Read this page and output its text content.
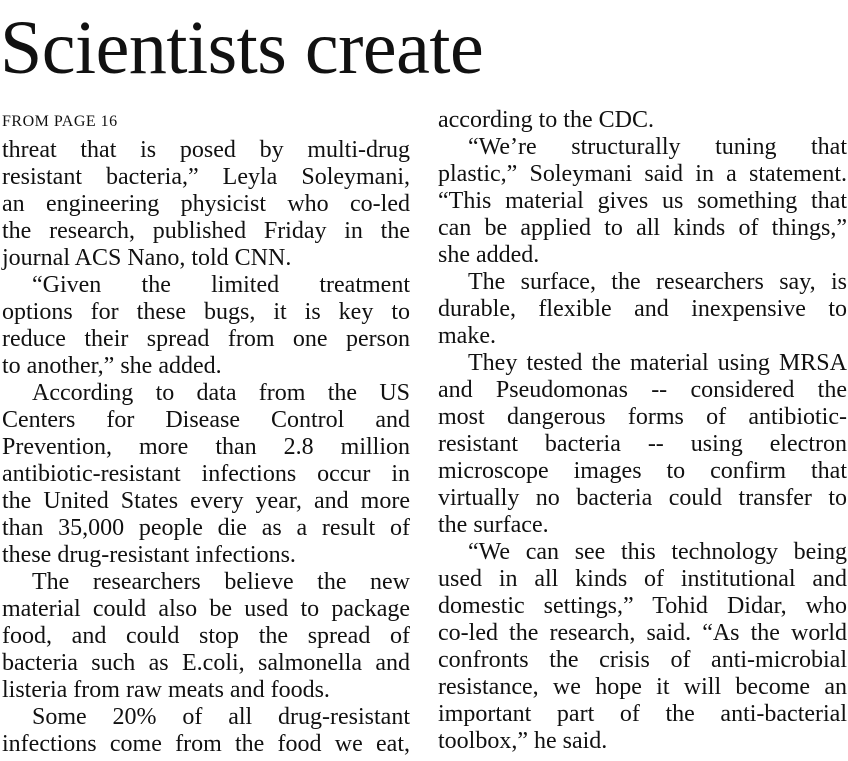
Scientists create
FROM PAGE 16
threat that is posed by multi-drug
resistant bacteria,” Leyla Soleymani,
an engineering physicist who co-led
the research, published Friday in the
journal ACS Nano, told CNN.
“Given the limited treatment
options for these bugs, it is key to
reduce their spread from one person
to another,” she added.
According to data from the US
Centers for Disease Control and
Prevention, more than 2.8 million
antibiotic-resistant infections occur in
the United States every year, and more
than 35,000 people die as a result of
these drug-resistant infections.
The researchers believe the new
material could also be used to package
food, and could stop the spread of
bacteria such as E.coli, salmonella and
listeria from raw meats and foods.
Some 20% of all drug-resistant
infections come from the food we eat,
according to the CDC.
“We’re structurally tuning that
plastic,” Soleymani said in a statement.
“This material gives us something that
can be applied to all kinds of things,”
she added.
The surface, the researchers say, is
durable, flexible and inexpensive to
make.
They tested the material using MRSA
and Pseudomonas -- considered the
most dangerous forms of antibiotic-
resistant bacteria -- using electron
microscope images to confirm that
virtually no bacteria could transfer to
the surface.
“We can see this technology being
used in all kinds of institutional and
domestic settings,” Tohid Didar, who
co-led the research, said. “As the world
confronts the crisis of anti-microbial
resistance, we hope it will become an
important part of the anti-bacterial
toolbox,” he said.
